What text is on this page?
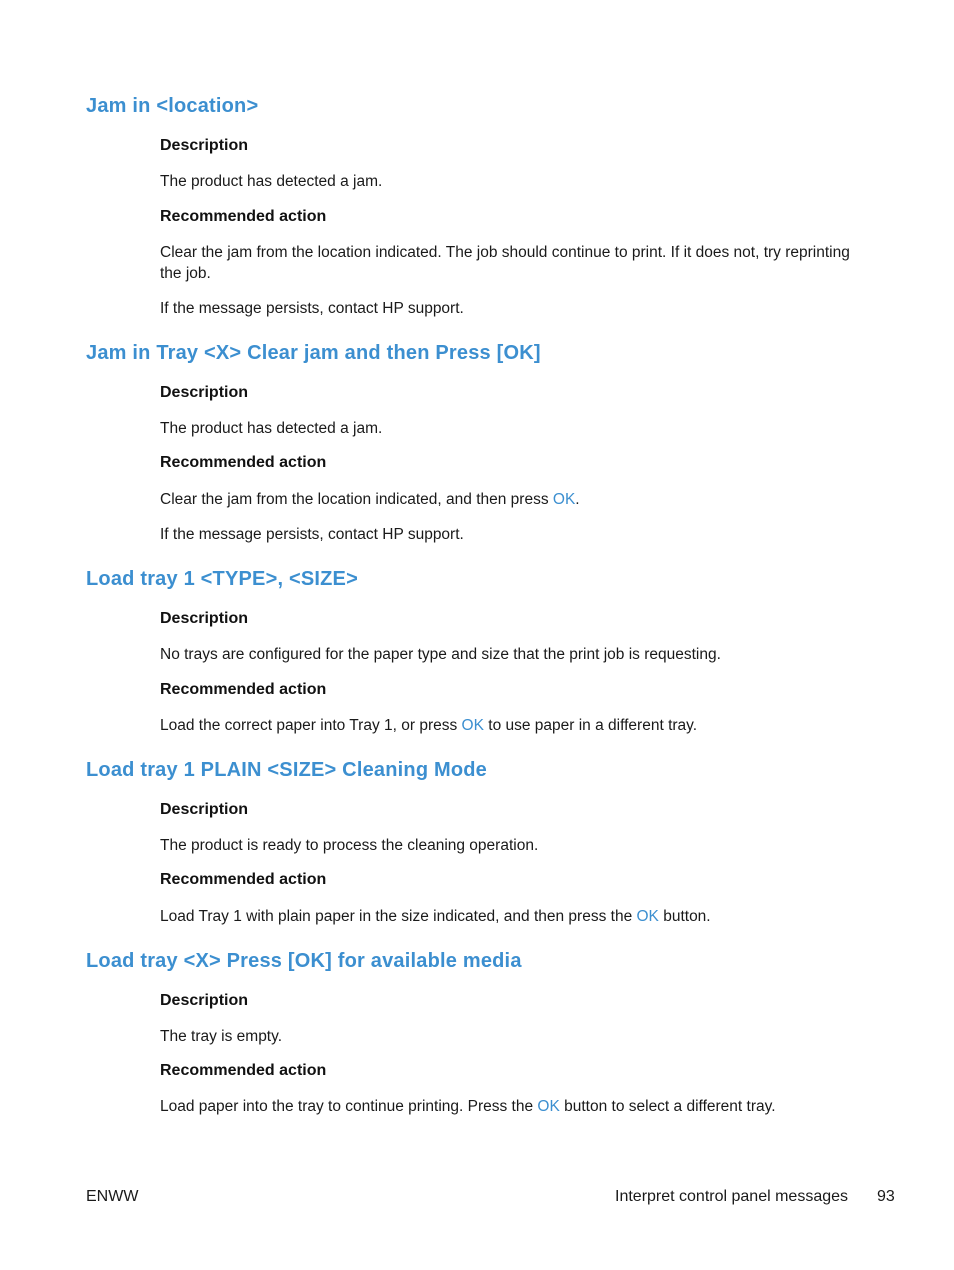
Jam in <location>
Description

The product has detected a jam.

Recommended action

Clear the jam from the location indicated. The job should continue to print. If it does not, try reprinting the job.

If the message persists, contact HP support.

Jam in Tray <X> Clear jam and then Press [OK]
Description

The product has detected a jam.

Recommended action

Clear the jam from the location indicated, and then press OK.

If the message persists, contact HP support.

Load tray 1 <TYPE>, <SIZE>
Description

No trays are configured for the paper type and size that the print job is requesting.

Recommended action

Load the correct paper into Tray 1, or press OK to use paper in a different tray.

Load tray 1 PLAIN <SIZE> Cleaning Mode
Description

The product is ready to process the cleaning operation.

Recommended action

Load Tray 1 with plain paper in the size indicated, and then press the OK button.

Load tray <X> Press [OK] for available media
Description

The tray is empty.

Recommended action

Load paper into the tray to continue printing. Press the OK button to select a different tray.

ENWW	Interpret control panel messages 93
